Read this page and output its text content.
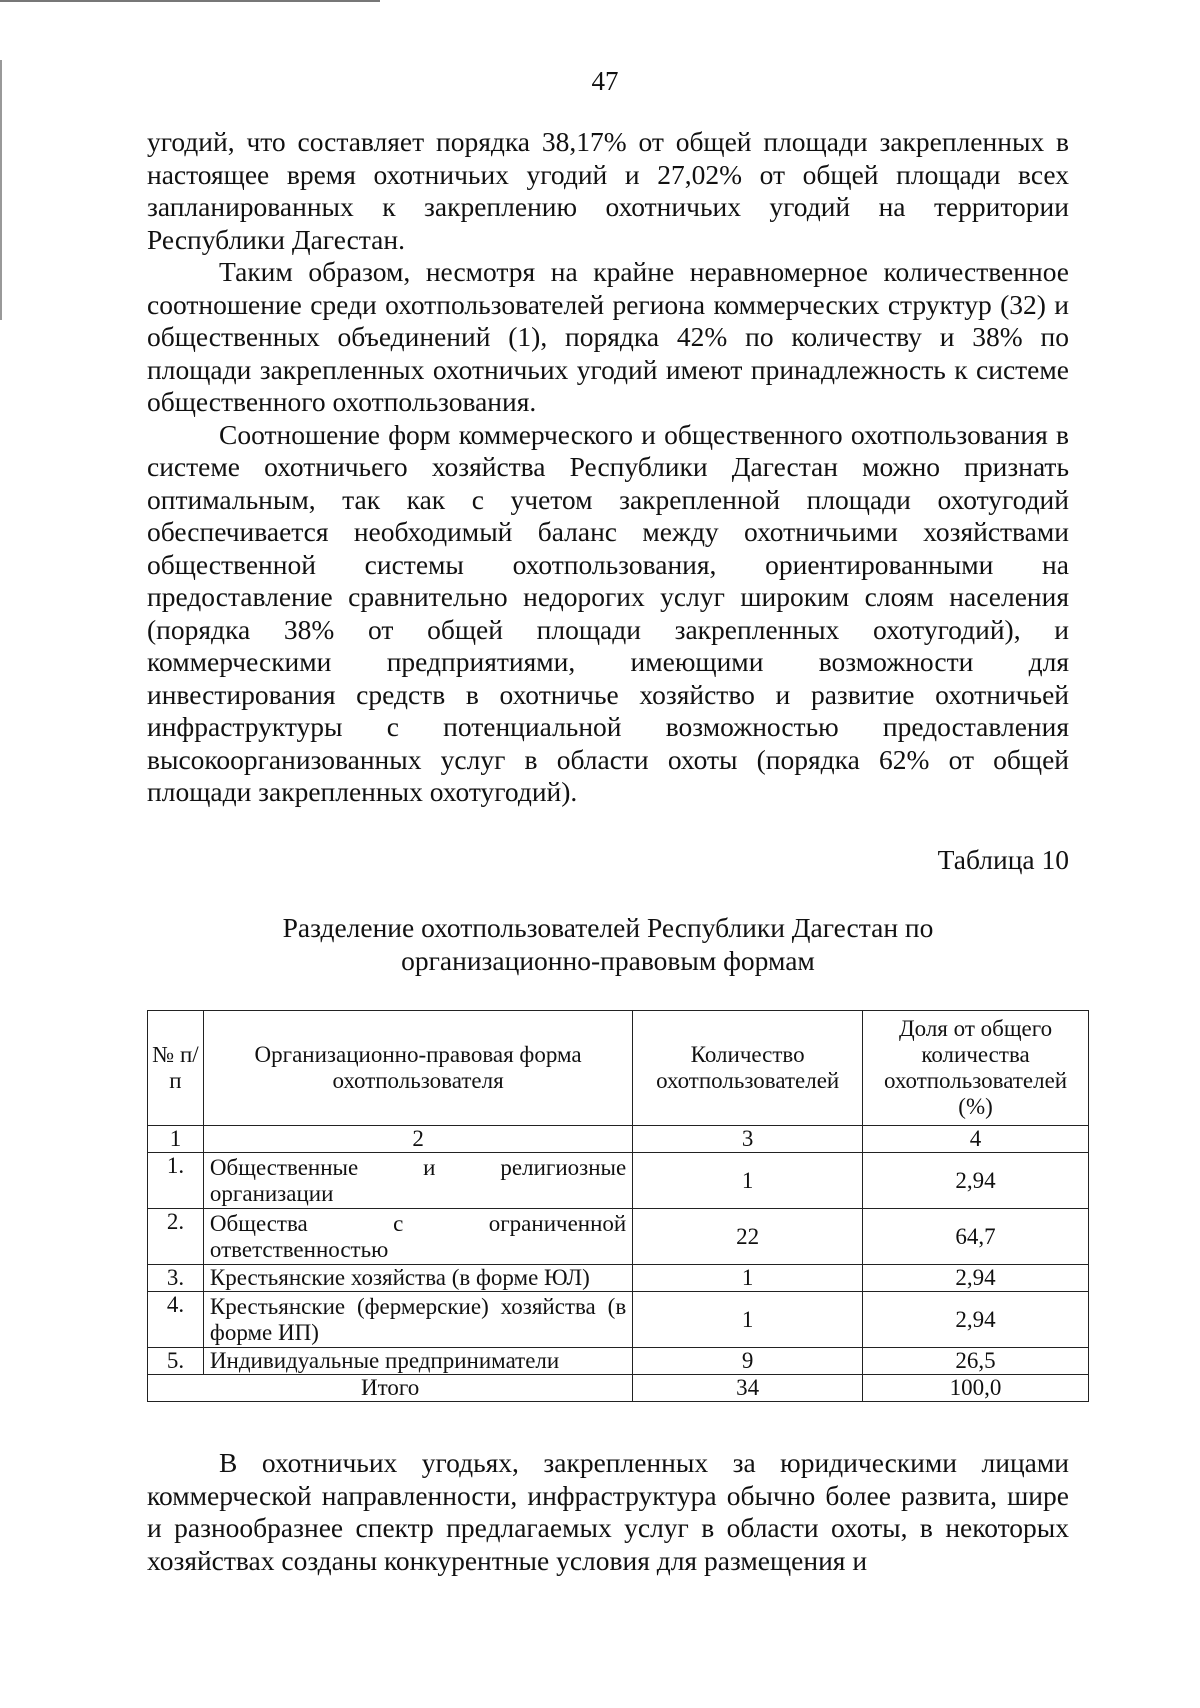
47

угодий, что составляет порядка 38,17% от общей площади закрепленных в настоящее время охотничьих угодий и 27,02% от общей площади всех запланированных к закреплению охотничьих угодий на территории Республики Дагестан.

Таким образом, несмотря на крайне неравномерное количественное соотношение среди охотпользователей региона коммерческих структур (32) и общественных объединений (1), порядка 42% по количеству и 38% по площади закрепленных охотничьих угодий имеют принадлежность к системе общественного охотпользования.

Соотношение форм коммерческого и общественного охотпользования в системе охотничьего хозяйства Республики Дагестан можно признать оптимальным, так как с учетом закрепленной площади охотугодий обеспечивается необходимый баланс между охотничьими хозяйствами общественной системы охотпользования, ориентированными на предоставление сравнительно недорогих услуг широким слоям населения (порядка 38% от общей площади закрепленных охотугодий), и коммерческими предприятиями, имеющими возможности для инвестирования средств в охотничье хозяйство и развитие охотничьей инфраструктуры с потенциальной возможностью предоставления высокоорганизованных услуг в области охоты (порядка 62% от общей площади закрепленных охотугодий).

Таблица 10
Разделение охотпользователей Республики Дагестан по
организационно-правовым формам
№ п/п	Организационно-правовая форма охотпользователя	Количество охотпользователей	Доля от общего количества охотпользователей (%)
1	2	3	4
1.	Общественные и религиозные организации	1	2,94
2.	Общества с ограниченной ответственностью	22	64,7
3.	Крестьянские хозяйства (в форме ЮЛ)	1	2,94
4.	Крестьянские (фермерские) хозяйства (в форме ИП)	1	2,94
5.	Индивидуальные предприниматели	9	26,5
Итого		34	100,0

В охотничьих угодьях, закрепленных за юридическими лицами коммерческой направленности, инфраструктура обычно более развита, шире и разнообразнее спектр предлагаемых услуг в области охоты, в некоторых хозяйствах созданы конкурентные условия для размещения и
